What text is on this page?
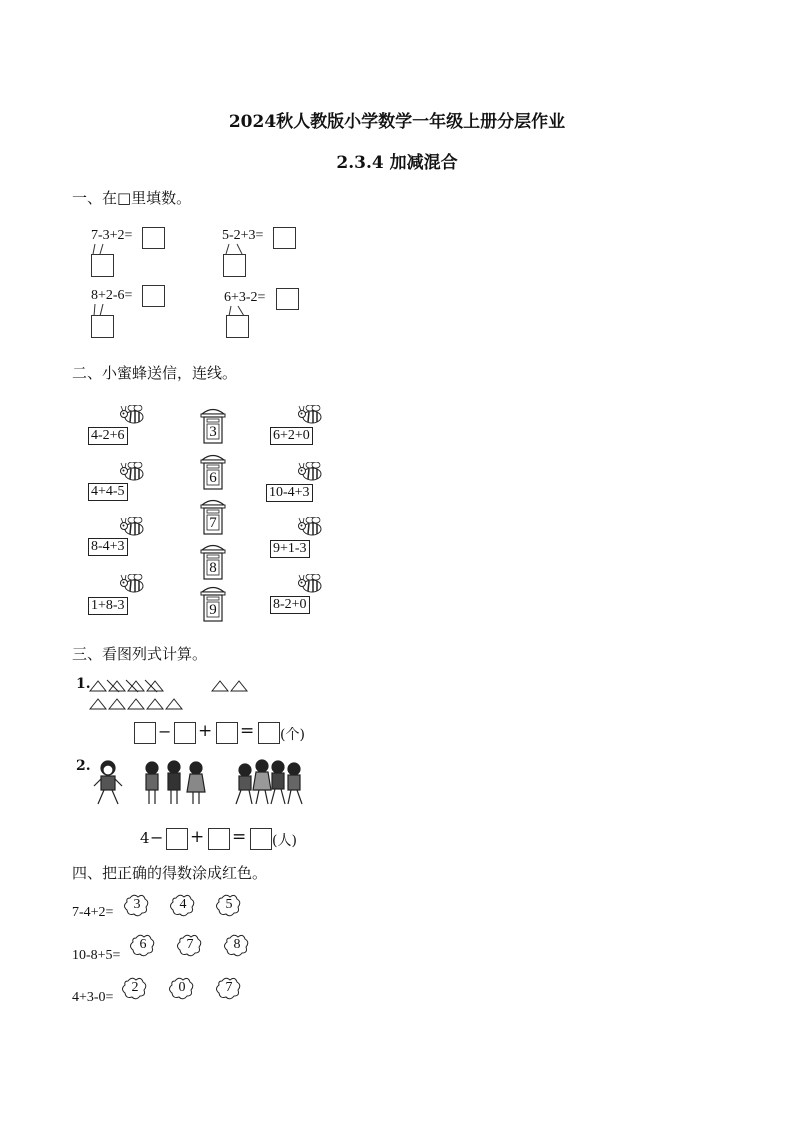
2024秋人教版小学数学一年级上册分层作业
2.3.4 加减混合
一、在□里填数。
7-3+2=	5-2+3=
8+2-6=	6+3-2=
二、小蜜蜂送信，连线。
4-2+6
4+4-5
8-4+3
1+8-3
3
6
7
8
9
6+2+0
10-4+3
9+1-3
8-2+0
三、看图列式计算。
1.
− + = (个)
2.
4 − + = (人)
四、把正确的得数涂成红色。
7-4+2=
3	4	5
10-8+5=
6	7	8
4+3-0=
2	0	7
